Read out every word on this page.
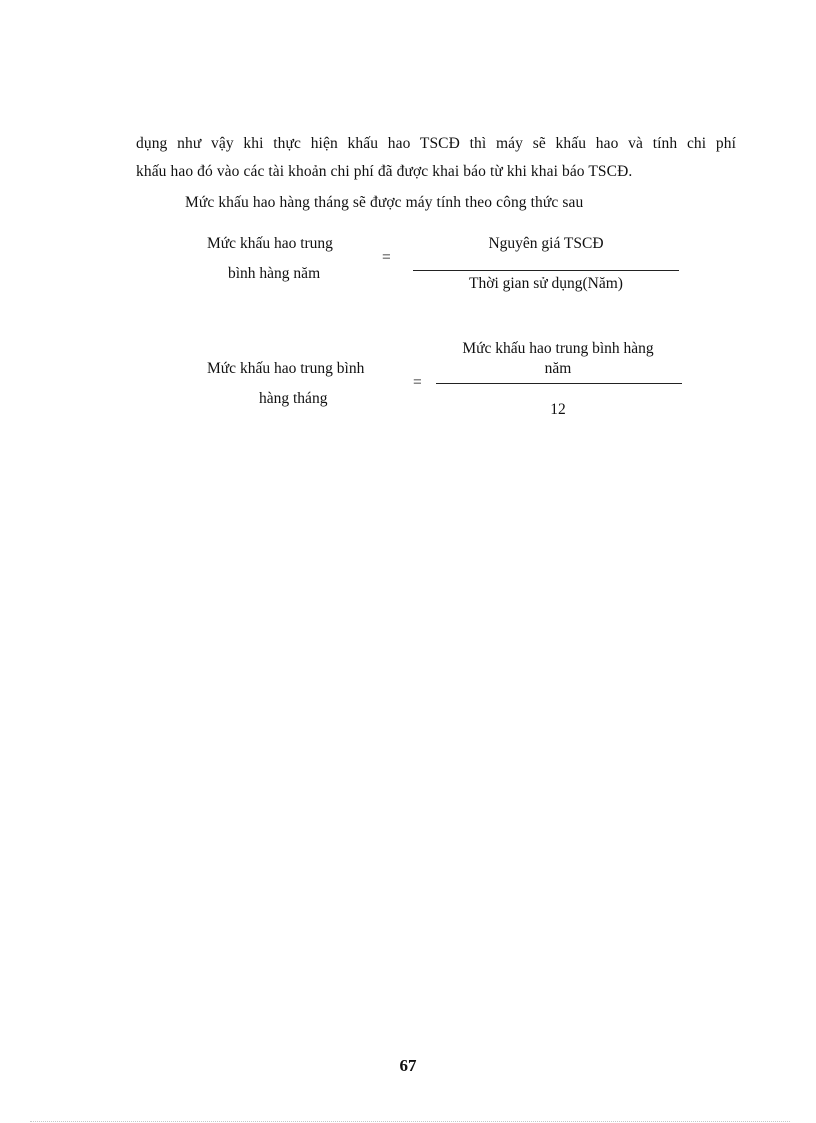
dụng như vậy khi thực hiện khấu hao TSCĐ thì máy sẽ khấu hao và tính chi phí
khấu hao đó vào các tài khoản chi phí đã được khai báo từ khi khai báo TSCĐ.
Mức khấu hao hàng tháng sẽ được máy tính theo công thức sau
Mức khấu hao trung
bình hàng năm
=
Nguyên giá TSCĐ
Thời gian sử dụng(Năm)
Mức khấu hao trung bình
hàng tháng
=
Mức khấu hao trung bình hàng
năm
12
67
